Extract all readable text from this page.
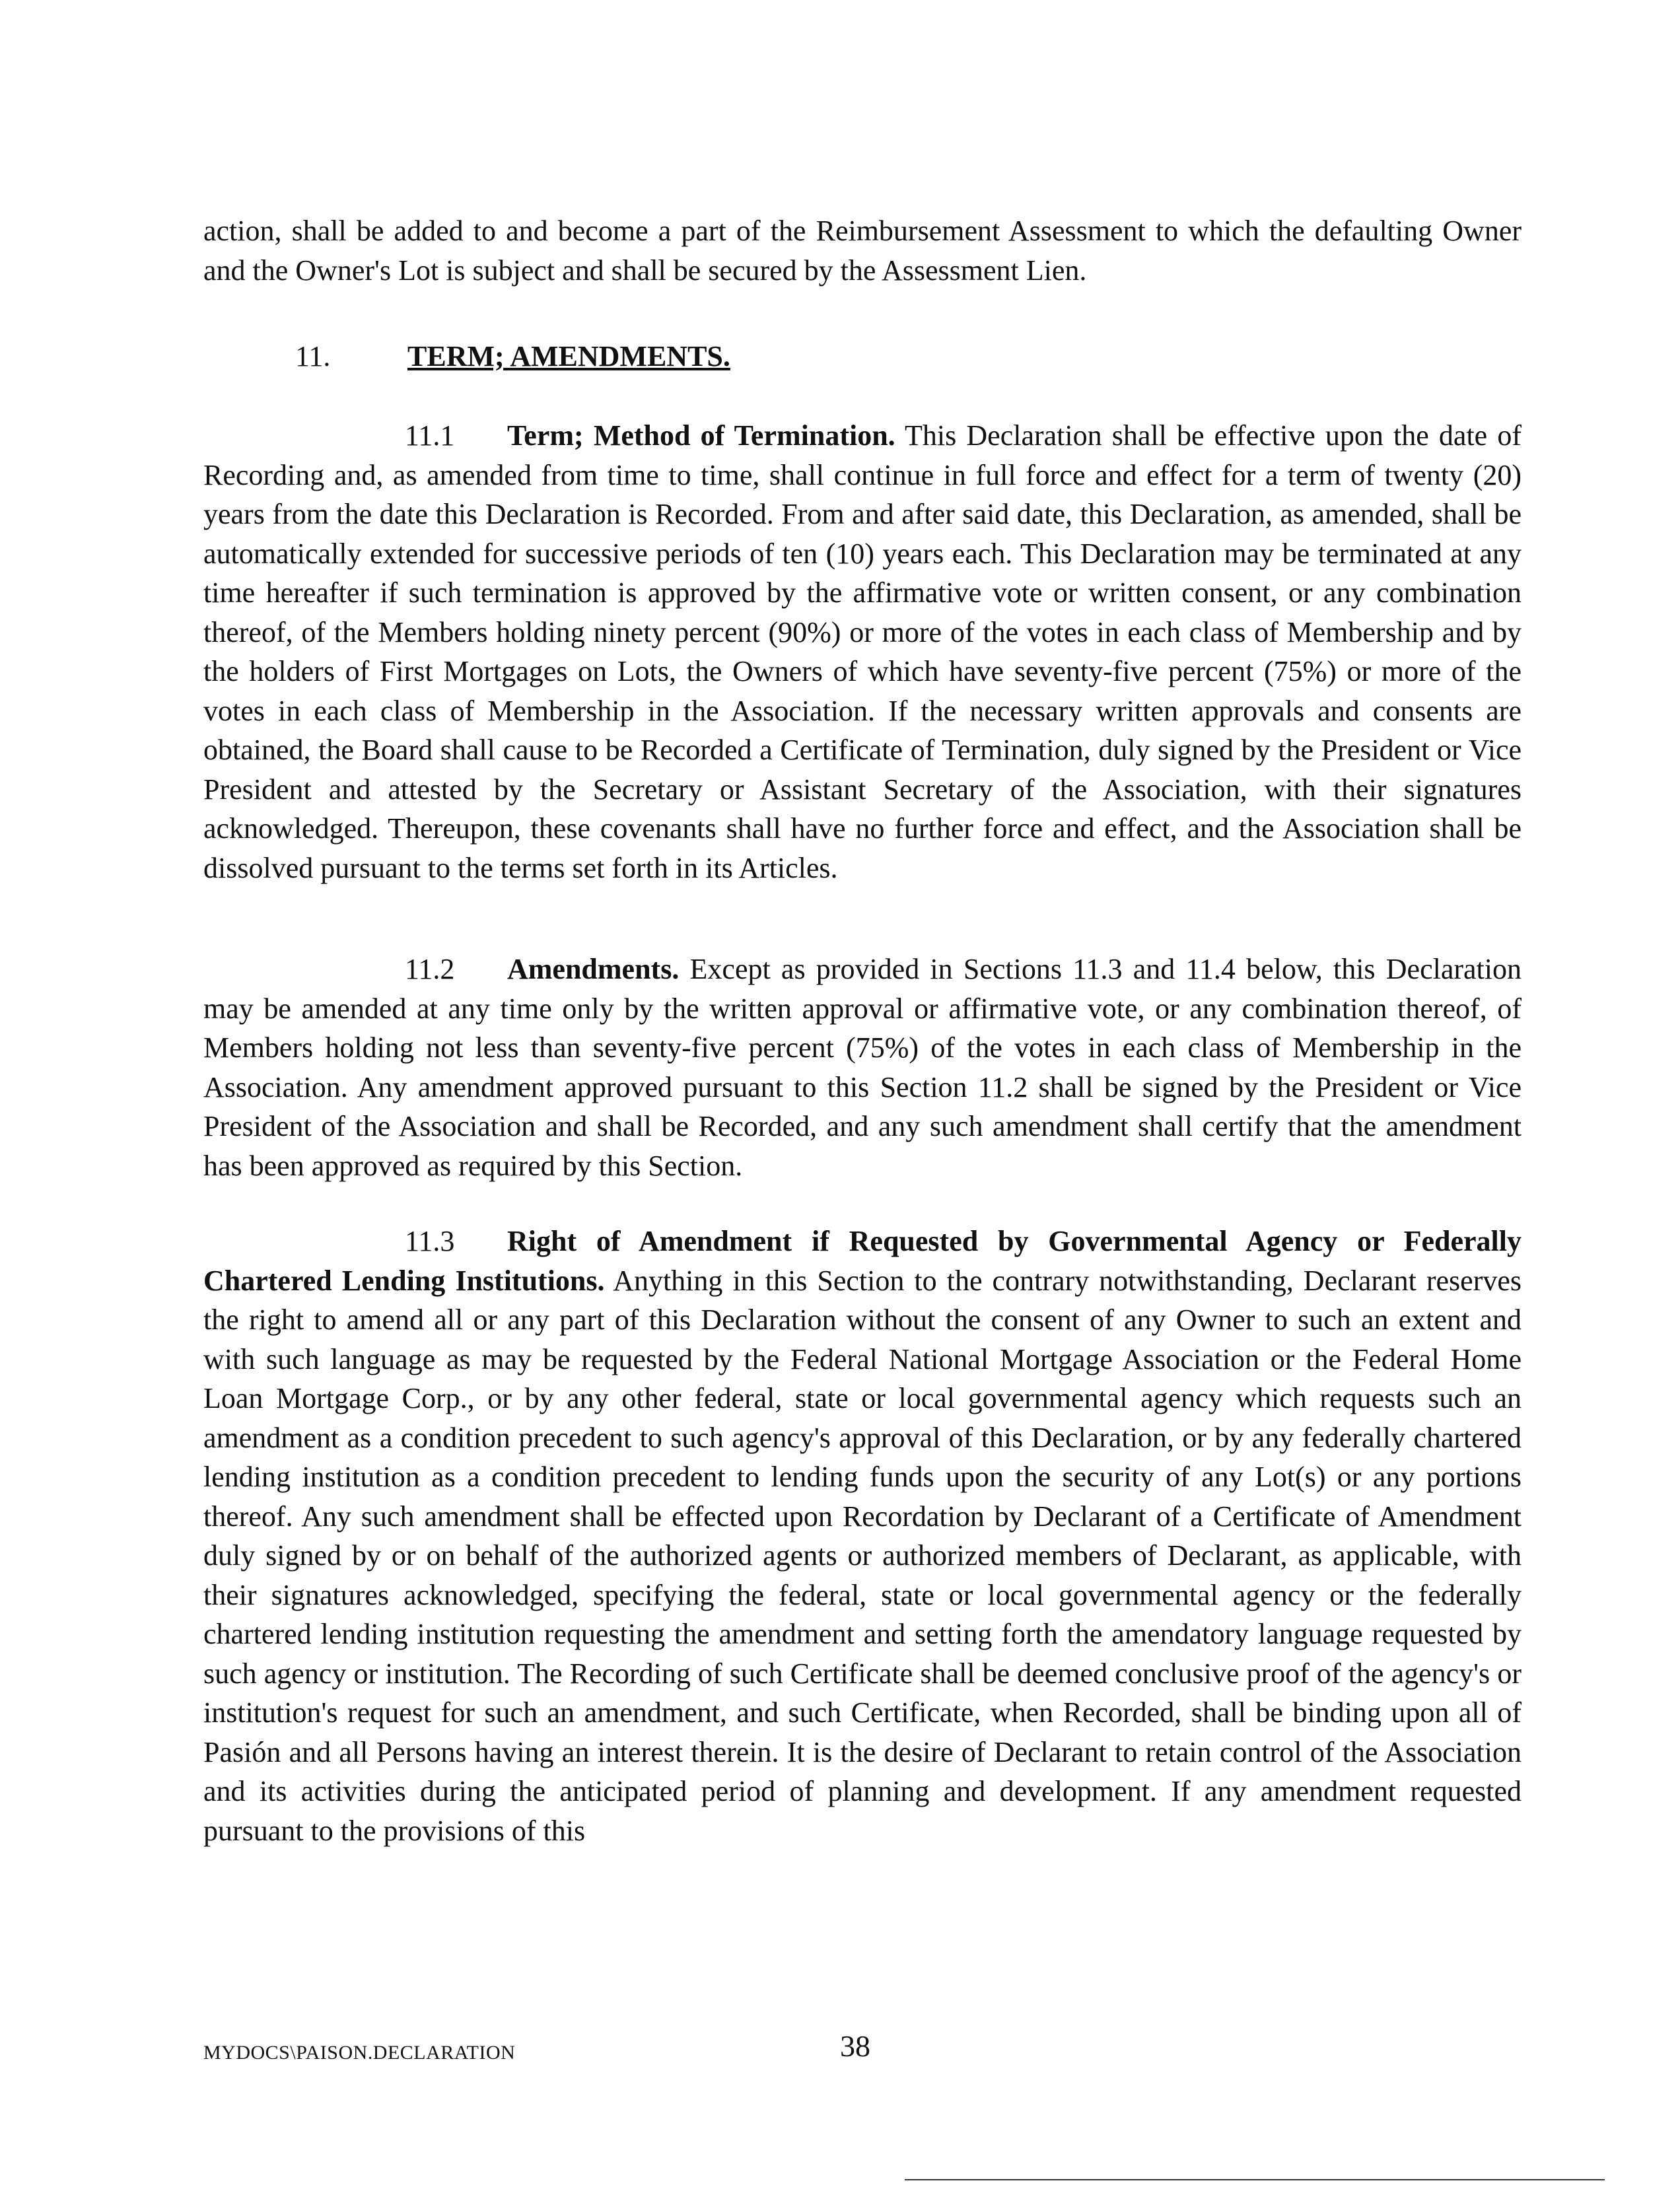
action, shall be added to and become a part of the Reimbursement Assessment to which the defaulting Owner and the Owner's Lot is subject and shall be secured by the Assessment Lien.

11.	TERM; AMENDMENTS.

11.1 Term; Method of Termination. This Declaration shall be effective upon the date of Recording and, as amended from time to time, shall continue in full force and effect for a term of twenty (20) years from the date this Declaration is Recorded. From and after said date, this Declaration, as amended, shall be automatically extended for successive periods of ten (10) years each. This Declaration may be terminated at any time hereafter if such termination is approved by the affirmative vote or written consent, or any combination thereof, of the Members holding ninety percent (90%) or more of the votes in each class of Membership and by the holders of First Mortgages on Lots, the Owners of which have seventy-five percent (75%) or more of the votes in each class of Membership in the Association. If the necessary written approvals and consents are obtained, the Board shall cause to be Recorded a Certificate of Termination, duly signed by the President or Vice President and attested by the Secretary or Assistant Secretary of the Association, with their signatures acknowledged. Thereupon, these covenants shall have no further force and effect, and the Association shall be dissolved pursuant to the terms set forth in its Articles.

11.2 Amendments. Except as provided in Sections 11.3 and 11.4 below, this Declaration may be amended at any time only by the written approval or affirmative vote, or any combination thereof, of Members holding not less than seventy-five percent (75%) of the votes in each class of Membership in the Association. Any amendment approved pursuant to this Section 11.2 shall be signed by the President or Vice President of the Association and shall be Recorded, and any such amendment shall certify that the amendment has been approved as required by this Section.

11.3 Right of Amendment if Requested by Governmental Agency or Federally Chartered Lending Institutions. Anything in this Section to the contrary notwithstanding, Declarant reserves the right to amend all or any part of this Declaration without the consent of any Owner to such an extent and with such language as may be requested by the Federal National Mortgage Association or the Federal Home Loan Mortgage Corp., or by any other federal, state or local governmental agency which requests such an amendment as a condition precedent to such agency's approval of this Declaration, or by any federally chartered lending institution as a condition precedent to lending funds upon the security of any Lot(s) or any portions thereof. Any such amendment shall be effected upon Recordation by Declarant of a Certificate of Amendment duly signed by or on behalf of the authorized agents or authorized members of Declarant, as applicable, with their signatures acknowledged, specifying the federal, state or local governmental agency or the federally chartered lending institution requesting the amendment and setting forth the amendatory language requested by such agency or institution. The Recording of such Certificate shall be deemed conclusive proof of the agency's or institution's request for such an amendment, and such Certificate, when Recorded, shall be binding upon all of Pasión and all Persons having an interest therein. It is the desire of Declarant to retain control of the Association and its activities during the anticipated period of planning and development. If any amendment requested pursuant to the provisions of this

MYDOCS\PAISON.DECLARATION	38
